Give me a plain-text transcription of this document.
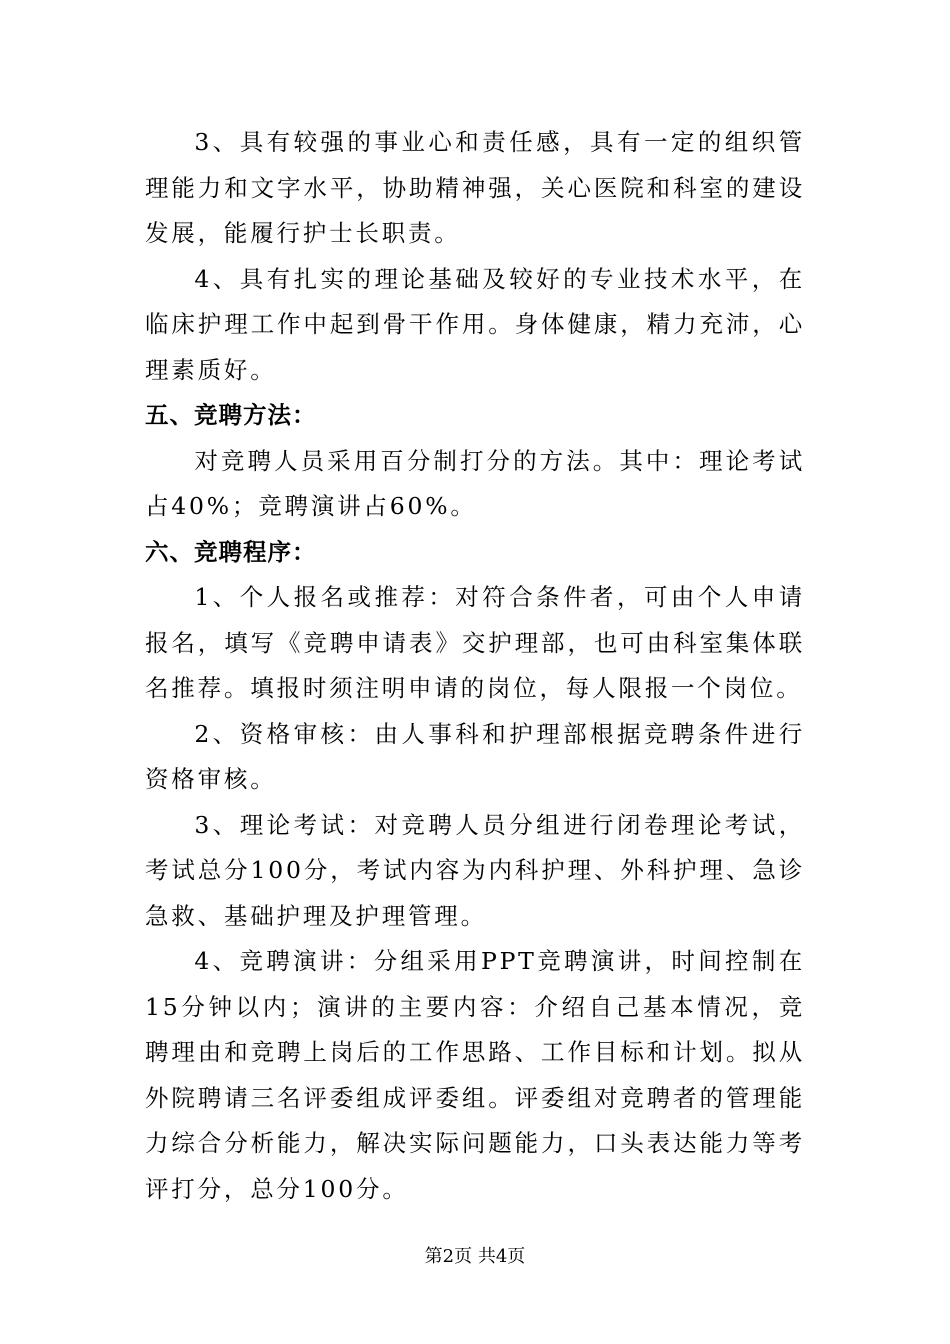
3、具有较强的事业心和责任感，具有一定的组织管理能力和文字水平，协助精神强，关心医院和科室的建设发展，能履行护士长职责。

4、具有扎实的理论基础及较好的专业技术水平，在临床护理工作中起到骨干作用。身体健康，精力充沛，心理素质好。

五、竞聘方法：

对竞聘人员采用百分制打分的方法。其中：理论考试占40%；竞聘演讲占60%。

六、竞聘程序：

1、个人报名或推荐：对符合条件者，可由个人申请报名，填写《竞聘申请表》交护理部，也可由科室集体联名推荐。填报时须注明申请的岗位，每人限报一个岗位。

2、资格审核：由人事科和护理部根据竞聘条件进行资格审核。

3、理论考试：对竞聘人员分组进行闭卷理论考试，考试总分100分，考试内容为内科护理、外科护理、急诊急救、基础护理及护理管理。

4、竞聘演讲：分组采用PPT竞聘演讲，时间控制在15分钟以内；演讲的主要内容：介绍自己基本情况，竞聘理由和竞聘上岗后的工作思路、工作目标和计划。拟从外院聘请三名评委组成评委组。评委组对竞聘者的管理能力综合分析能力，解决实际问题能力，口头表达能力等考评打分，总分100分。

第2页 共4页
